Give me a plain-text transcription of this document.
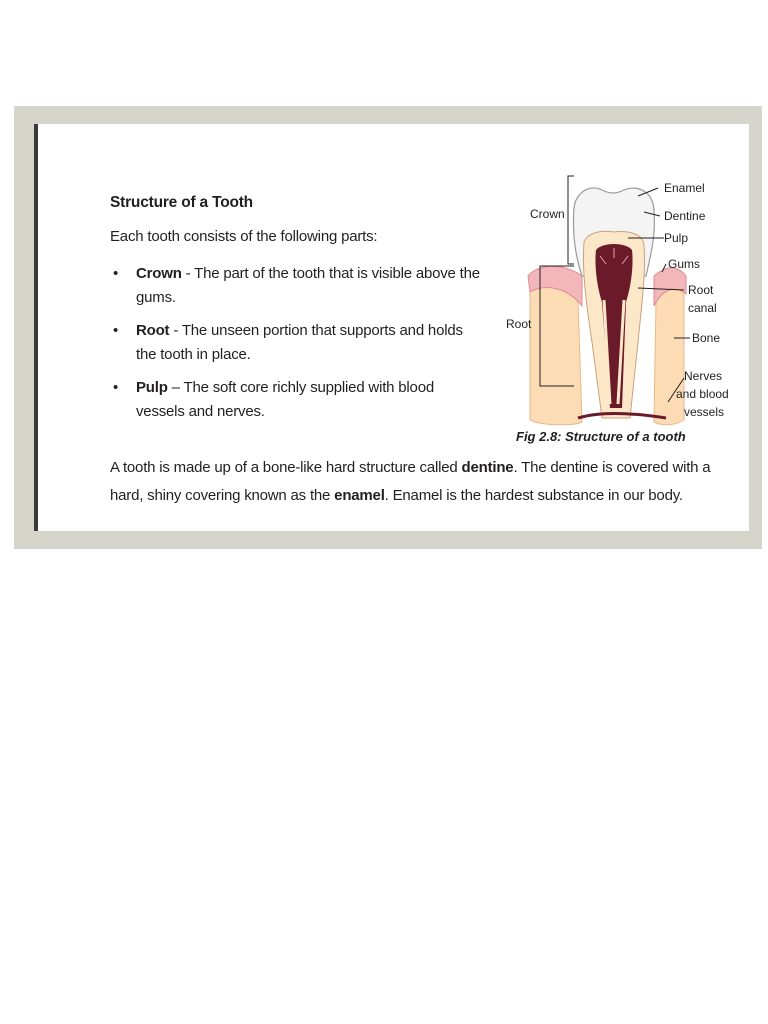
Structure of a Tooth

Each tooth consists of the following parts:

• Crown - The part of the tooth that is visible above the gums.
• Root - The unseen portion that supports and holds the tooth in place.
• Pulp – The soft core richly supplied with blood vessels and nerves.
Enamel
Dentine
Pulp
Gums
Root
canal
Bone
Nerves
and blood
vessels
Crown
Root

Fig 2.8: Structure of a tooth

A tooth is made up of a bone-like hard structure called dentine. The dentine is covered with a hard, shiny covering known as the enamel. Enamel is the hardest substance in our body.
